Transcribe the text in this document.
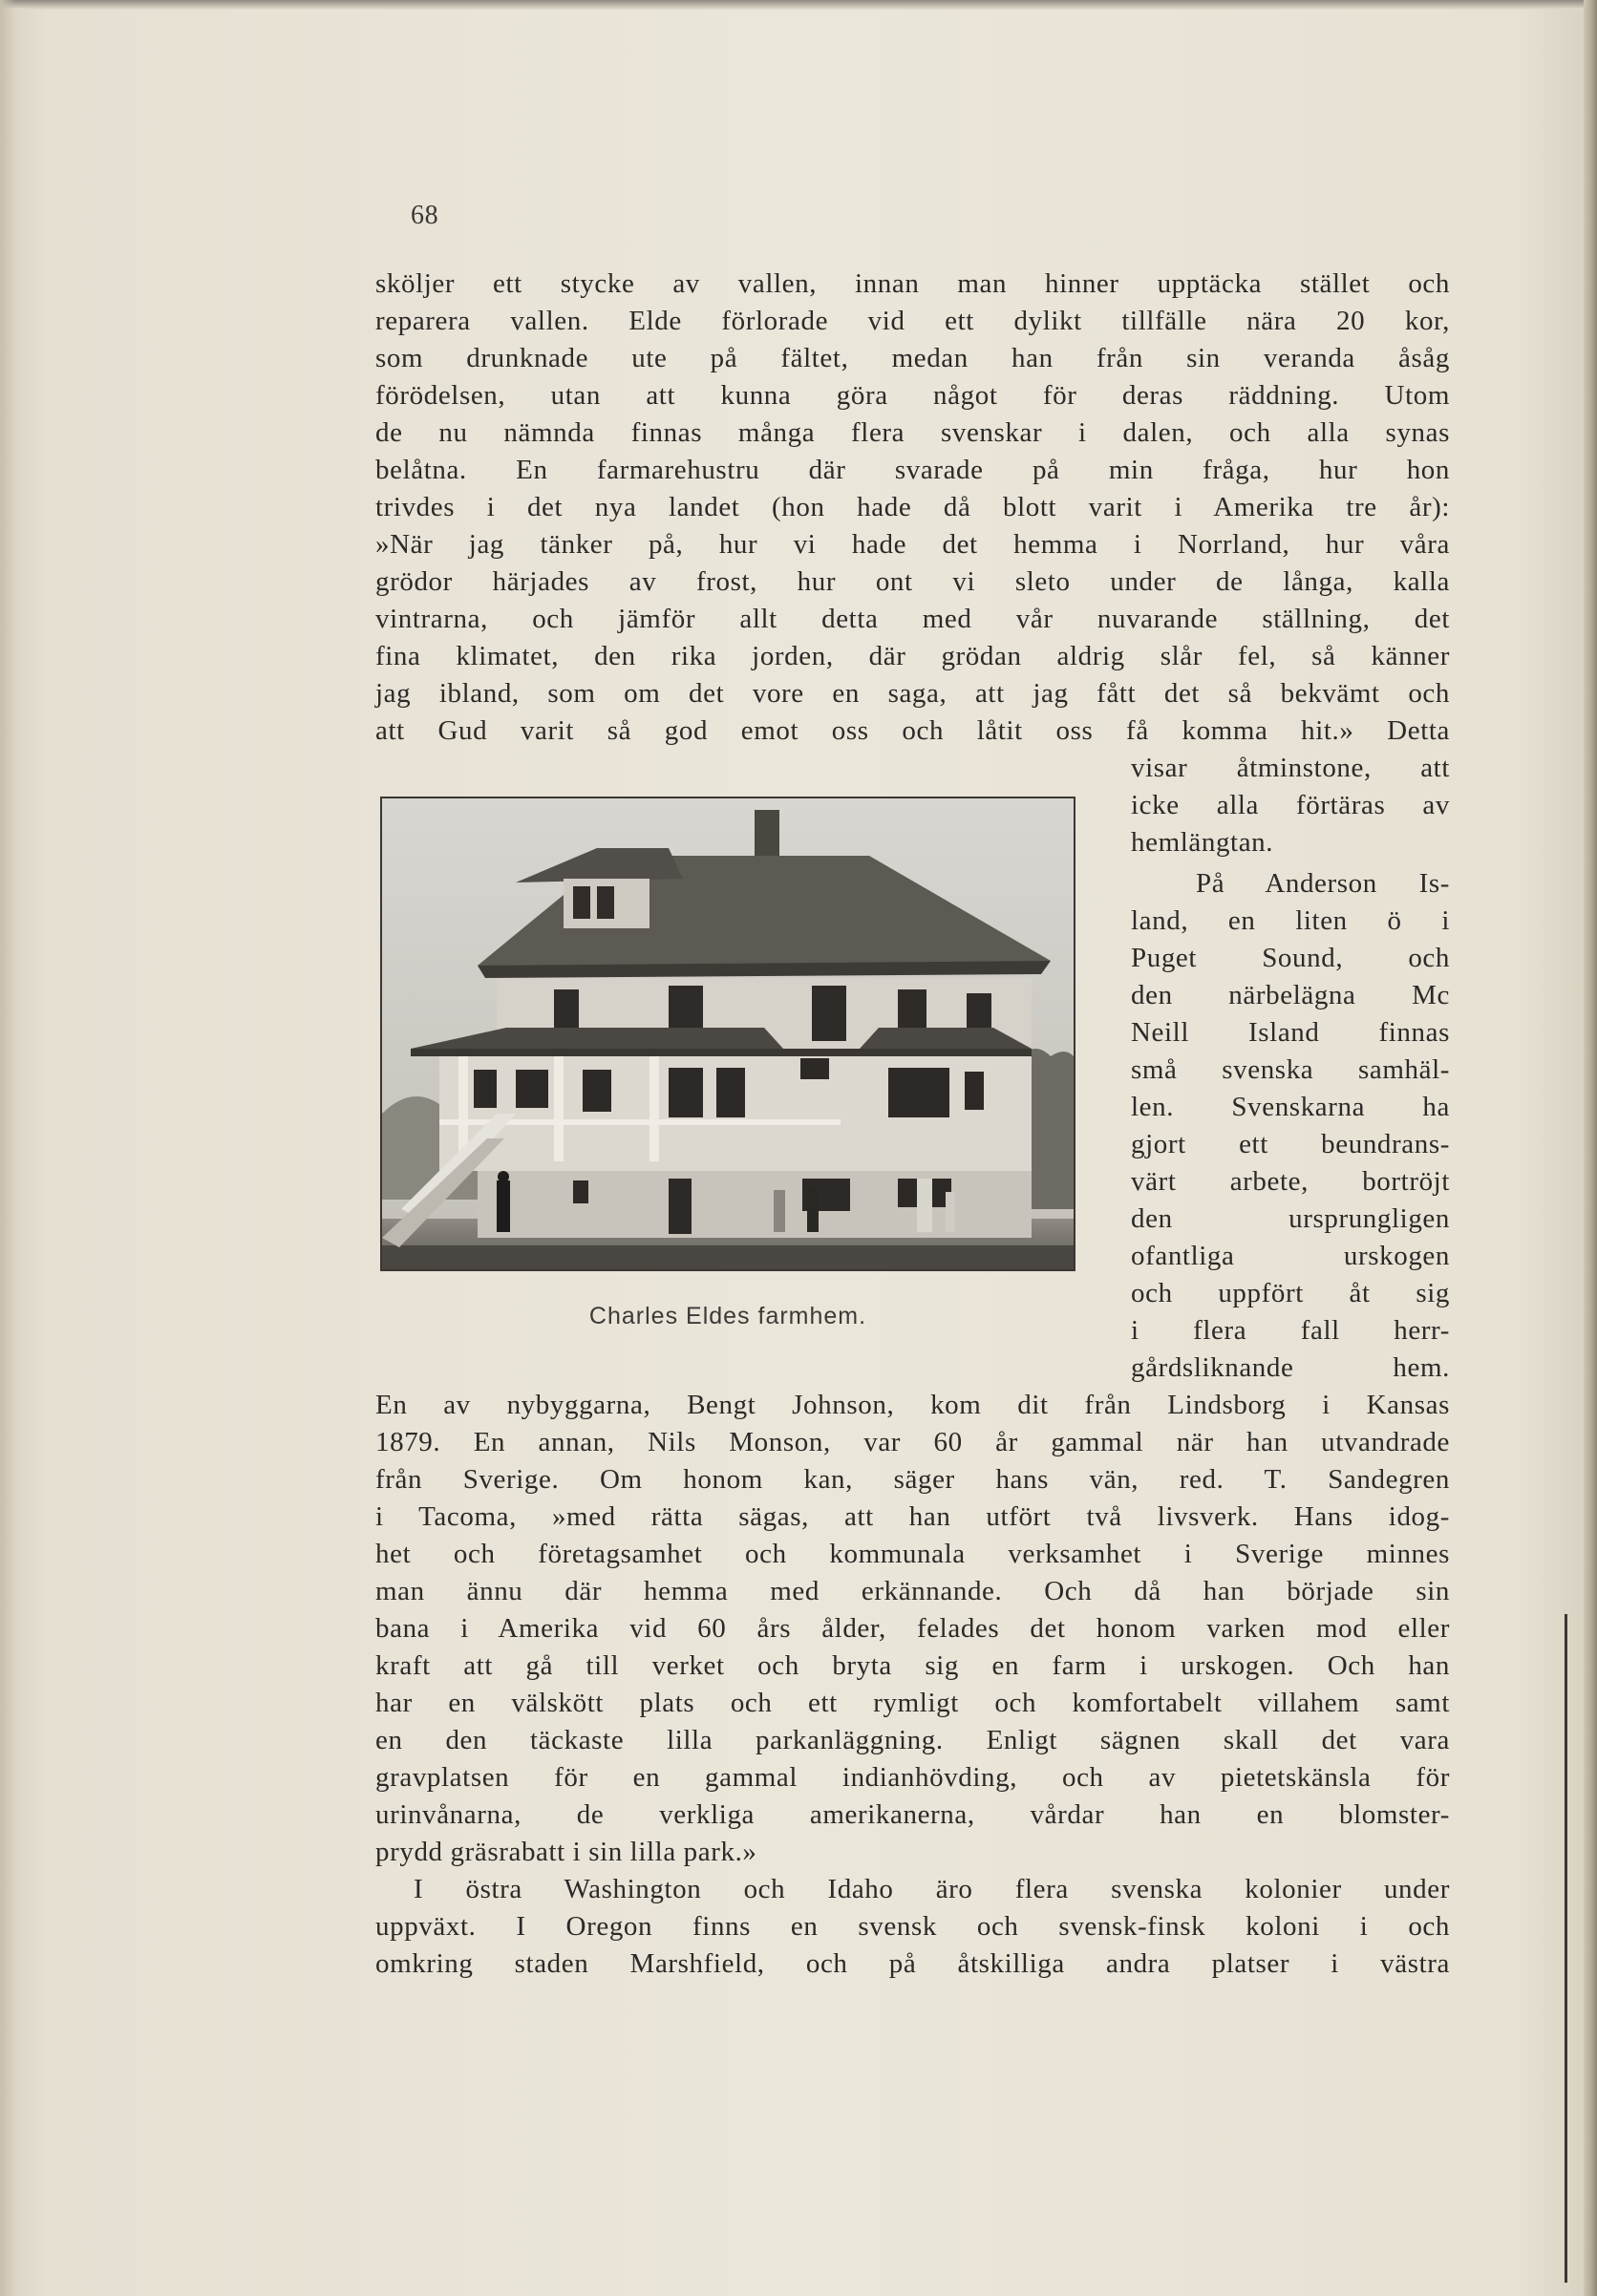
68
sköljer ett stycke av vallen, innan man hinner upptäcka stället och
reparera vallen. Elde förlorade vid ett dylikt tillfälle nära 20 kor,
som drunknade ute på fältet, medan han från sin veranda åsåg
förödelsen, utan att kunna göra något för deras räddning. Utom
de nu nämnda finnas många flera svenskar i dalen, och alla synas
belåtna. En farmarehustru där svarade på min fråga, hur hon
trivdes i det nya landet (hon hade då blott varit i Amerika tre år):
»När jag tänker på, hur vi hade det hemma i Norrland, hur våra
grödor härjades av frost, hur ont vi sleto under de långa, kalla
vintrarna, och jämför allt detta med vår nuvarande ställning, det
fina klimatet, den rika jorden, där grödan aldrig slår fel, så känner
jag ibland, som om det vore en saga, att jag fått det så bekvämt och
att Gud varit så god emot oss och låtit oss få komma hit.» Detta
visar åtminstone, att
icke alla förtäras av
hemlängtan.
På Anderson Is-
land, en liten ö i
Puget Sound, och
den närbelägna Mc
Neill Island finnas
små svenska samhäl-
len. Svenskarna ha
gjort ett beundrans-
värt arbete, bortröjt
den ursprungligen
ofantliga urskogen
och uppfört åt sig
i flera fall herr-
gårdsliknande hem.
Charles Eldes farmhem.
En av nybyggarna, Bengt Johnson, kom dit från Lindsborg i Kansas
1879. En annan, Nils Monson, var 60 år gammal när han utvandrade
från Sverige. Om honom kan, säger hans vän, red. T. Sandegren
i Tacoma, »med rätta sägas, att han utfört två livsverk. Hans idog-
het och företagsamhet och kommunala verksamhet i Sverige minnes
man ännu där hemma med erkännande. Och då han började sin
bana i Amerika vid 60 års ålder, felades det honom varken mod eller
kraft att gå till verket och bryta sig en farm i urskogen. Och han
har en välskött plats och ett rymligt och komfortabelt villahem samt
en den täckaste lilla parkanläggning. Enligt sägnen skall det vara
gravplatsen för en gammal indianhövding, och av pietetskänsla för
urinvånarna, de verkliga amerikanerna, vårdar han en blomster-
prydd gräsrabatt i sin lilla park.»
I östra Washington och Idaho äro flera svenska kolonier under
uppväxt. I Oregon finns en svensk och svensk-finsk koloni i och
omkring staden Marshfield, och på åtskilliga andra platser i västra
